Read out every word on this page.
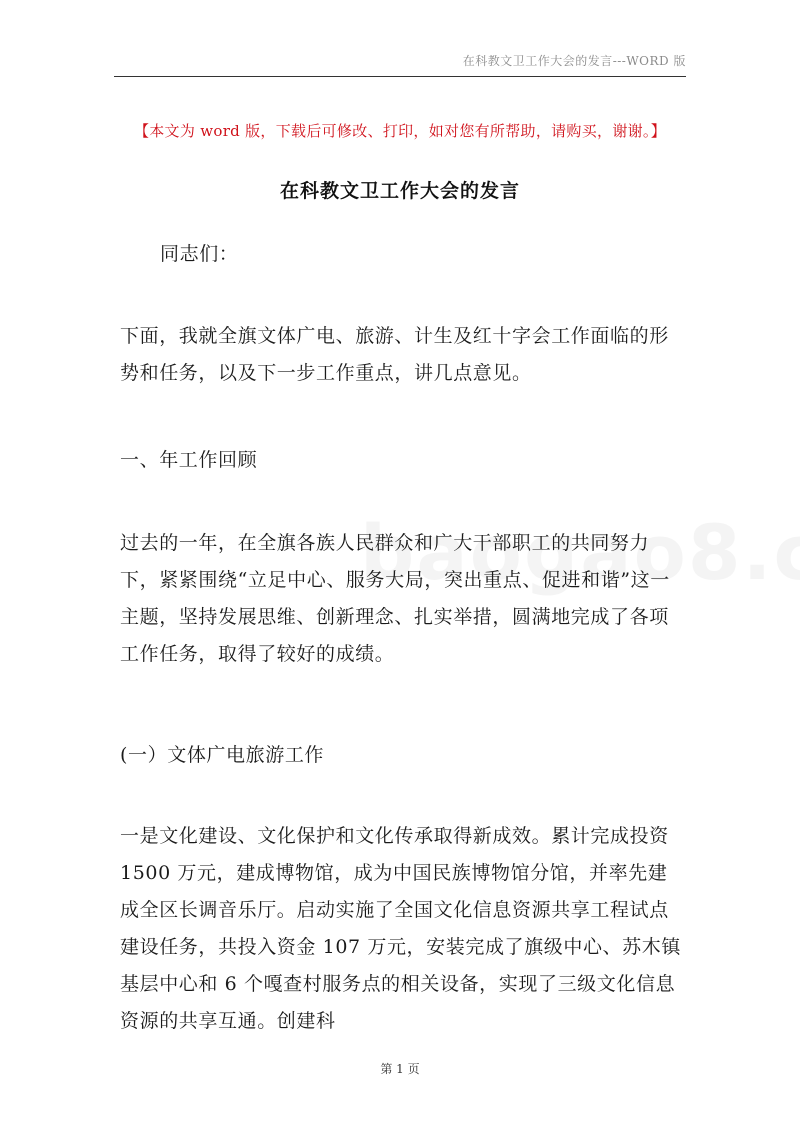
在科教文卫工作大会的发言---WORD 版
【本文为 word 版，下载后可修改、打印，如对您有所帮助，请购买，谢谢。】
在科教文卫工作大会的发言
同志们：
下面，我就全旗文体广电、旅游、计生及红十字会工作面临的形势和任务，以及下一步工作重点，讲几点意见。
一、年工作回顾
过去的一年，在全旗各族人民群众和广大干部职工的共同努力下，紧紧围绕“立足中心、服务大局，突出重点、促进和谐”这一主题，坚持发展思维、创新理念、扎实举措，圆满地完成了各项工作任务，取得了较好的成绩。
(一）文体广电旅游工作
一是文化建设、文化保护和文化传承取得新成效。累计完成投资 1500 万元，建成博物馆，成为中国民族博物馆分馆，并率先建成全区长调音乐厅。启动实施了全国文化信息资源共享工程试点建设任务，共投入资金 107 万元，安装完成了旗级中心、苏木镇基层中心和 6 个嘎查村服务点的相关设备，实现了三级文化信息资源的共享互通。创建科
第 1 页
